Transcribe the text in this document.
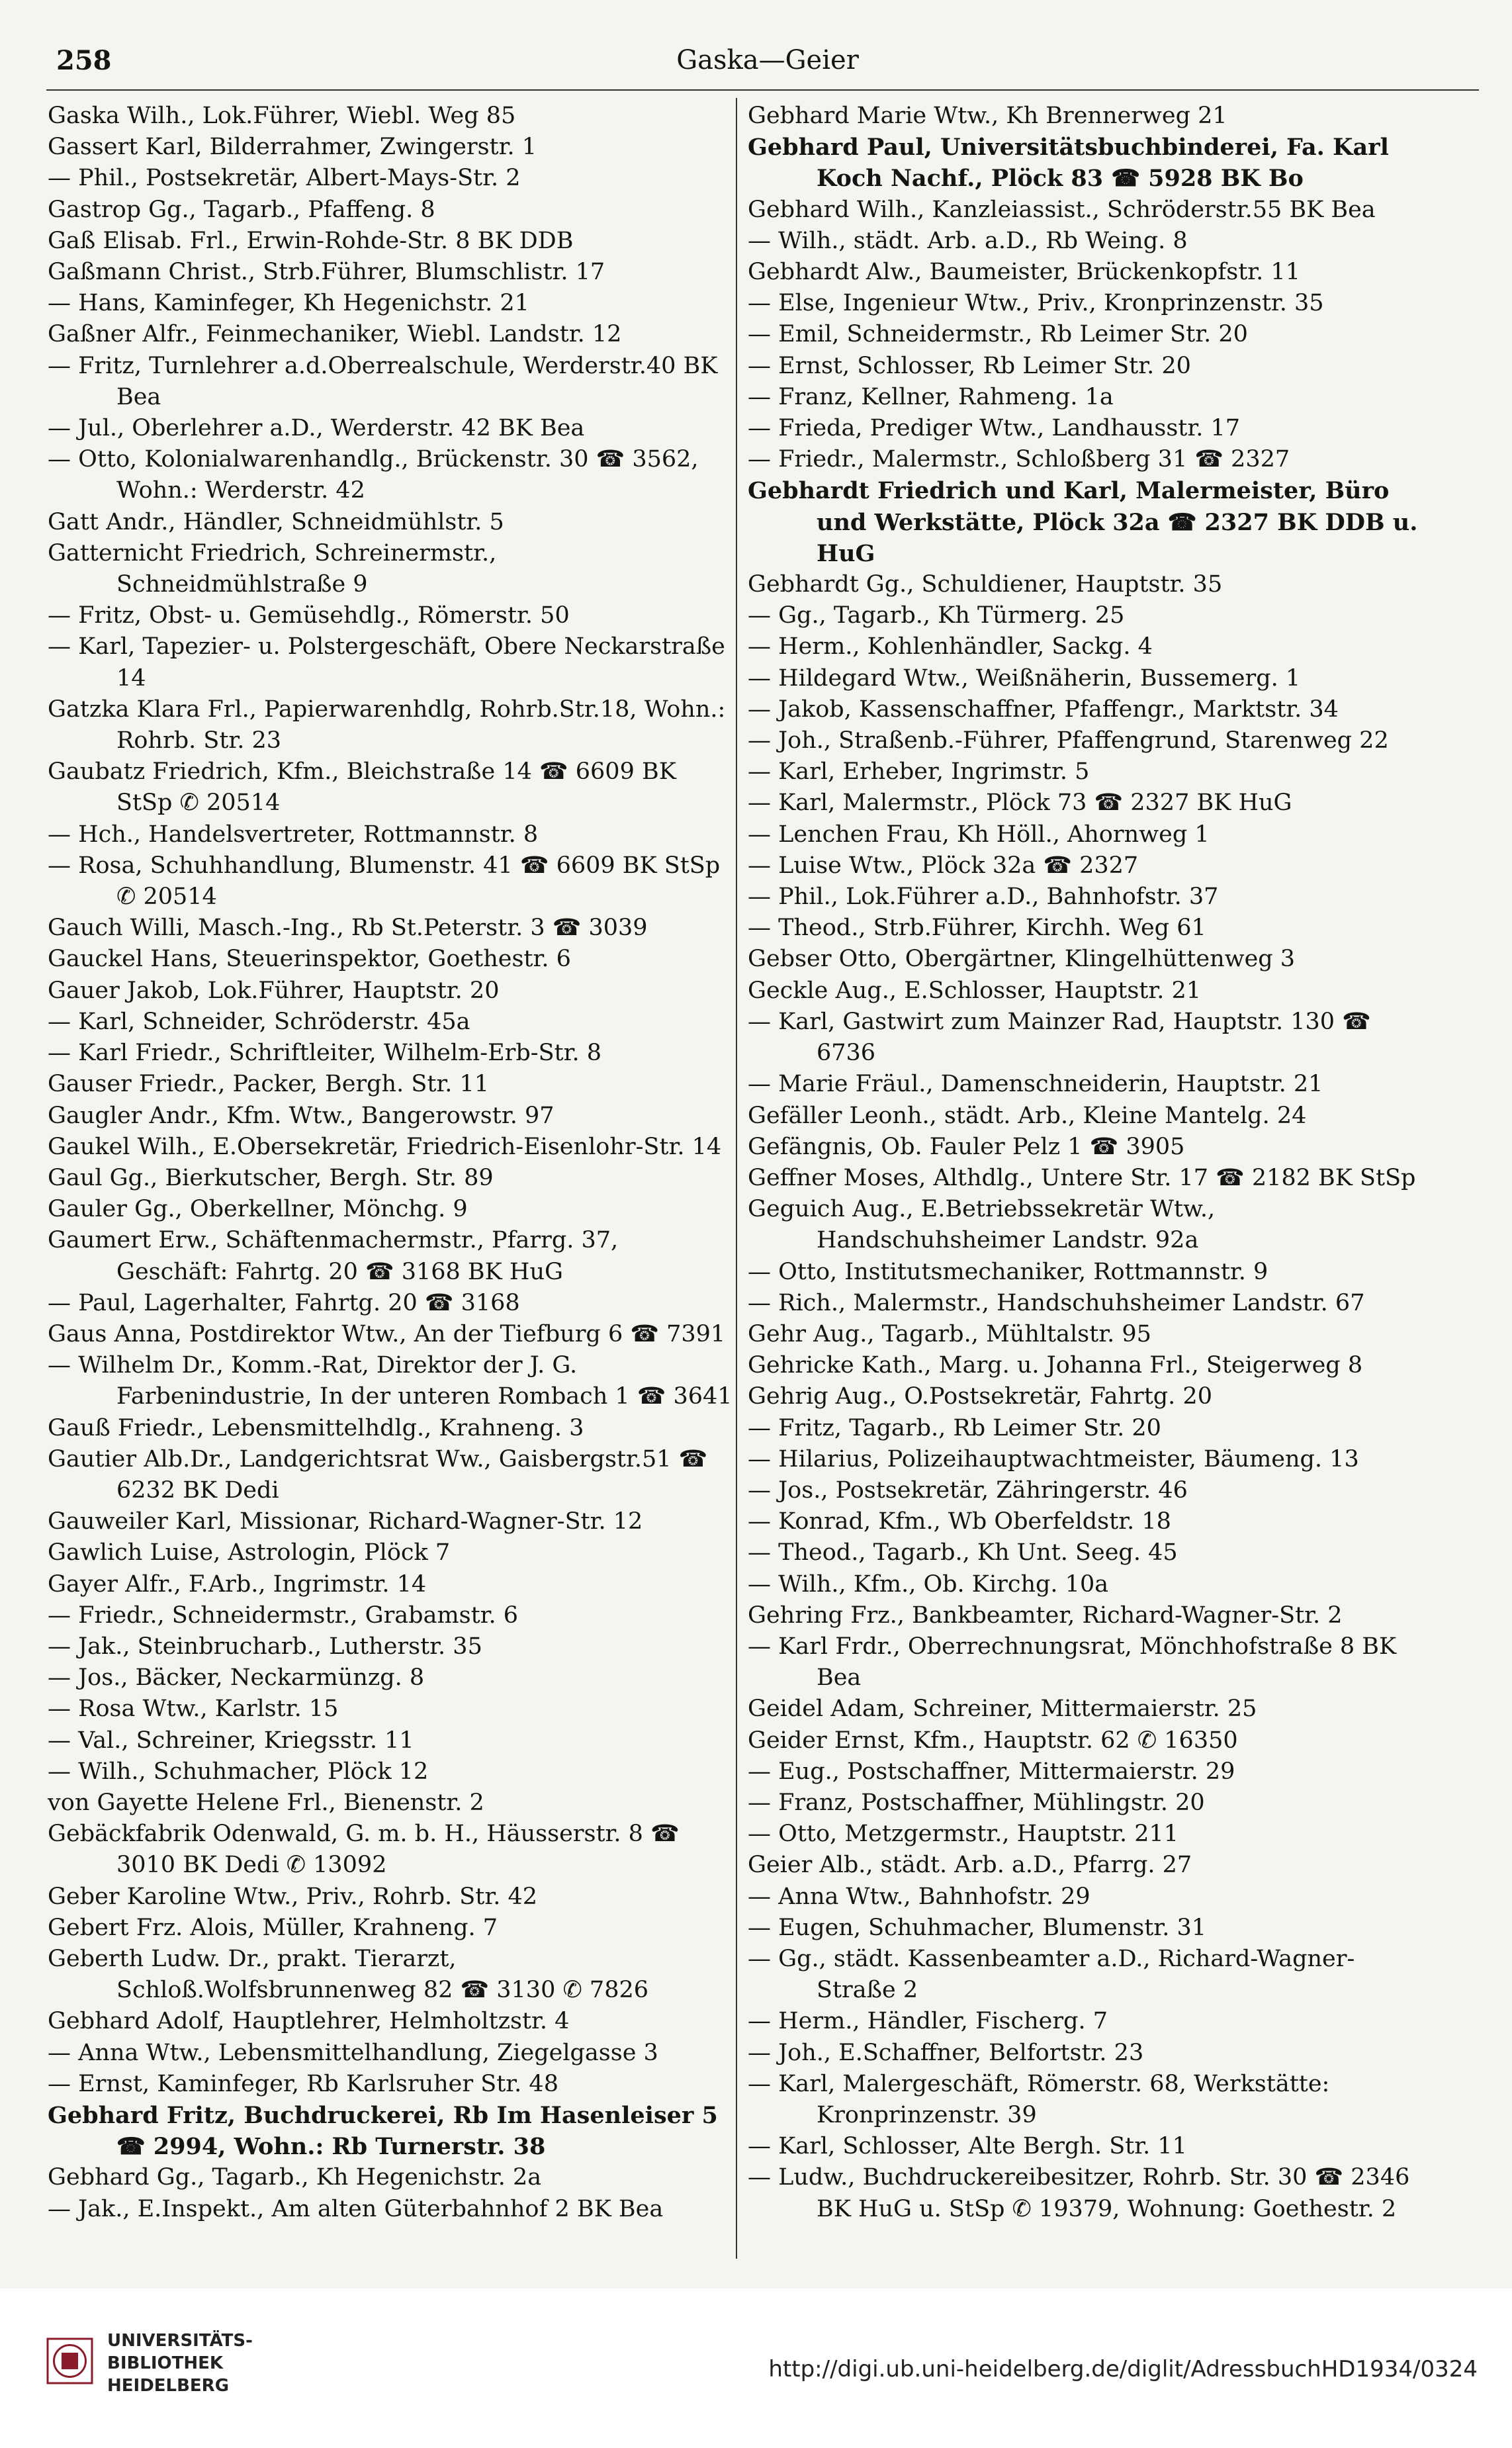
258	Gaska—Geier

Gaska Wilh., Lok.Führer, Wiebl. Weg 85

Gassert Karl, Bilderrahmer, Zwingerstr. 1

— Phil., Postsekretär, Albert-Mays-Str. 2

Gastrop Gg., Tagarb., Pfaffeng. 8

Gaß Elisab. Frl., Erwin-Rohde-Str. 8 BK DDB

Gaßmann Christ., Strb.Führer, Blumschlistr. 17

— Hans, Kaminfeger, Kh Hegenichstr. 21

Gaßner Alfr., Feinmechaniker, Wiebl. Landstr. 12

— Fritz, Turnlehrer a.d.Oberrealschule, Werderstr.40 BK Bea

— Jul., Oberlehrer a.D., Werderstr. 42 BK Bea

— Otto, Kolonialwarenhandlg., Brückenstr. 30 ☎ 3562, Wohn.: Werderstr. 42

Gatt Andr., Händler, Schneidmühlstr. 5

Gatternicht Friedrich, Schreinermstr., Schneidmühlstraße 9

— Fritz, Obst- u. Gemüsehdlg., Römerstr. 50

— Karl, Tapezier- u. Polstergeschäft, Obere Neckarstraße 14

Gatzka Klara Frl., Papierwarenhdlg, Rohrb.Str.18, Wohn.: Rohrb. Str. 23

Gaubatz Friedrich, Kfm., Bleichstraße 14 ☎ 6609 BK StSp ✆ 20514

— Hch., Handelsvertreter, Rottmannstr. 8

— Rosa, Schuhhandlung, Blumenstr. 41 ☎ 6609 BK StSp ✆ 20514

Gauch Willi, Masch.-Ing., Rb St.Peterstr. 3 ☎ 3039

Gauckel Hans, Steuerinspektor, Goethestr. 6

Gauer Jakob, Lok.Führer, Hauptstr. 20

— Karl, Schneider, Schröderstr. 45a

— Karl Friedr., Schriftleiter, Wilhelm-Erb-Str. 8

Gauser Friedr., Packer, Bergh. Str. 11

Gaugler Andr., Kfm. Wtw., Bangerowstr. 97

Gaukel Wilh., E.Obersekretär, Friedrich-Eisenlohr-Str. 14

Gaul Gg., Bierkutscher, Bergh. Str. 89

Gauler Gg., Oberkellner, Mönchg. 9

Gaumert Erw., Schäftenmachermstr., Pfarrg. 37, Geschäft: Fahrtg. 20 ☎ 3168 BK HuG

— Paul, Lagerhalter, Fahrtg. 20 ☎ 3168

Gaus Anna, Postdirektor Wtw., An der Tiefburg 6 ☎ 7391

— Wilhelm Dr., Komm.-Rat, Direktor der J. G. Farbenindustrie, In der unteren Rombach 1 ☎ 3641

Gauß Friedr., Lebensmittelhdlg., Krahneng. 3

Gautier Alb.Dr., Landgerichtsrat Ww., Gaisbergstr.51 ☎ 6232 BK Dedi

Gauweiler Karl, Missionar, Richard-Wagner-Str. 12

Gawlich Luise, Astrologin, Plöck 7

Gayer Alfr., F.Arb., Ingrimstr. 14

— Friedr., Schneidermstr., Grabamstr. 6

— Jak., Steinbrucharb., Lutherstr. 35

— Jos., Bäcker, Neckarmünzg. 8

— Rosa Wtw., Karlstr. 15

— Val., Schreiner, Kriegsstr. 11

— Wilh., Schuhmacher, Plöck 12

von Gayette Helene Frl., Bienenstr. 2

Gebäckfabrik Odenwald, G. m. b. H., Häusserstr. 8 ☎ 3010 BK Dedi ✆ 13092

Geber Karoline Wtw., Priv., Rohrb. Str. 42

Gebert Frz. Alois, Müller, Krahneng. 7

Geberth Ludw. Dr., prakt. Tierarzt, Schloß.Wolfsbrunnenweg 82 ☎ 3130 ✆ 7826

Gebhard Adolf, Hauptlehrer, Helmholtzstr. 4

— Anna Wtw., Lebensmittelhandlung, Ziegelgasse 3

— Ernst, Kaminfeger, Rb Karlsruher Str. 48

Gebhard Fritz, Buchdruckerei, Rb Im Hasenleiser 5 ☎ 2994, Wohn.: Rb Turnerstr. 38

Gebhard Gg., Tagarb., Kh Hegenichstr. 2a

— Jak., E.Inspekt., Am alten Güterbahnhof 2 BK Bea

Gebhard Marie Wtw., Kh Brennerweg 21

Gebhard Paul, Universitätsbuchbinderei, Fa. Karl Koch Nachf., Plöck 83 ☎ 5928 BK Bo

Gebhard Wilh., Kanzleiassist., Schröderstr.55 BK Bea

— Wilh., städt. Arb. a.D., Rb Weing. 8

Gebhardt Alw., Baumeister, Brückenkopfstr. 11

— Else, Ingenieur Wtw., Priv., Kronprinzenstr. 35

— Emil, Schneidermstr., Rb Leimer Str. 20

— Ernst, Schlosser, Rb Leimer Str. 20

— Franz, Kellner, Rahmeng. 1a

— Frieda, Prediger Wtw., Landhausstr. 17

— Friedr., Malermstr., Schloßberg 31 ☎ 2327

Gebhardt Friedrich und Karl, Malermeister, Büro und Werkstätte, Plöck 32a ☎ 2327 BK DDB u. HuG

Gebhardt Gg., Schuldiener, Hauptstr. 35

— Gg., Tagarb., Kh Türmerg. 25

— Herm., Kohlenhändler, Sackg. 4

— Hildegard Wtw., Weißnäherin, Bussemerg. 1

— Jakob, Kassenschaffner, Pfaffengr., Marktstr. 34

— Joh., Straßenb.-Führer, Pfaffengrund, Starenweg 22

— Karl, Erheber, Ingrimstr. 5

— Karl, Malermstr., Plöck 73 ☎ 2327 BK HuG

— Lenchen Frau, Kh Höll., Ahornweg 1

— Luise Wtw., Plöck 32a ☎ 2327

— Phil., Lok.Führer a.D., Bahnhofstr. 37

— Theod., Strb.Führer, Kirchh. Weg 61

Gebser Otto, Obergärtner, Klingelhüttenweg 3

Geckle Aug., E.Schlosser, Hauptstr. 21

— Karl, Gastwirt zum Mainzer Rad, Hauptstr. 130 ☎ 6736

— Marie Fräul., Damenschneiderin, Hauptstr. 21

Gefäller Leonh., städt. Arb., Kleine Mantelg. 24

Gefängnis, Ob. Fauler Pelz 1 ☎ 3905

Geffner Moses, Althdlg., Untere Str. 17 ☎ 2182 BK StSp

Geguich Aug., E.Betriebssekretär Wtw., Handschuhsheimer Landstr. 92a

— Otto, Institutsmechaniker, Rottmannstr. 9

— Rich., Malermstr., Handschuhsheimer Landstr. 67

Gehr Aug., Tagarb., Mühltalstr. 95

Gehricke Kath., Marg. u. Johanna Frl., Steigerweg 8

Gehrig Aug., O.Postsekretär, Fahrtg. 20

— Fritz, Tagarb., Rb Leimer Str. 20

— Hilarius, Polizeihauptwachtmeister, Bäumeng. 13

— Jos., Postsekretär, Zähringerstr. 46

— Konrad, Kfm., Wb Oberfeldstr. 18

— Theod., Tagarb., Kh Unt. Seeg. 45

— Wilh., Kfm., Ob. Kirchg. 10a

Gehring Frz., Bankbeamter, Richard-Wagner-Str. 2

— Karl Frdr., Oberrechnungsrat, Mönchhofstraße 8 BK Bea

Geidel Adam, Schreiner, Mittermaierstr. 25

Geider Ernst, Kfm., Hauptstr. 62 ✆ 16350

— Eug., Postschaffner, Mittermaierstr. 29

— Franz, Postschaffner, Mühlingstr. 20

— Otto, Metzgermstr., Hauptstr. 211

Geier Alb., städt. Arb. a.D., Pfarrg. 27

— Anna Wtw., Bahnhofstr. 29

— Eugen, Schuhmacher, Blumenstr. 31

— Gg., städt. Kassenbeamter a.D., Richard-Wagner-Straße 2

— Herm., Händler, Fischerg. 7

— Joh., E.Schaffner, Belfortstr. 23

— Karl, Malergeschäft, Römerstr. 68, Werkstätte: Kronprinzenstr. 39

— Karl, Schlosser, Alte Bergh. Str. 11

— Ludw., Buchdruckereibesitzer, Rohrb. Str. 30 ☎ 2346 BK HuG u. StSp ✆ 19379, Wohnung: Goethestr. 2

UNIVERSITÄTS-
BIBLIOTHEK
HEIDELBERG
http://digi.ub.uni-heidelberg.de/diglit/AdressbuchHD1934/0324
